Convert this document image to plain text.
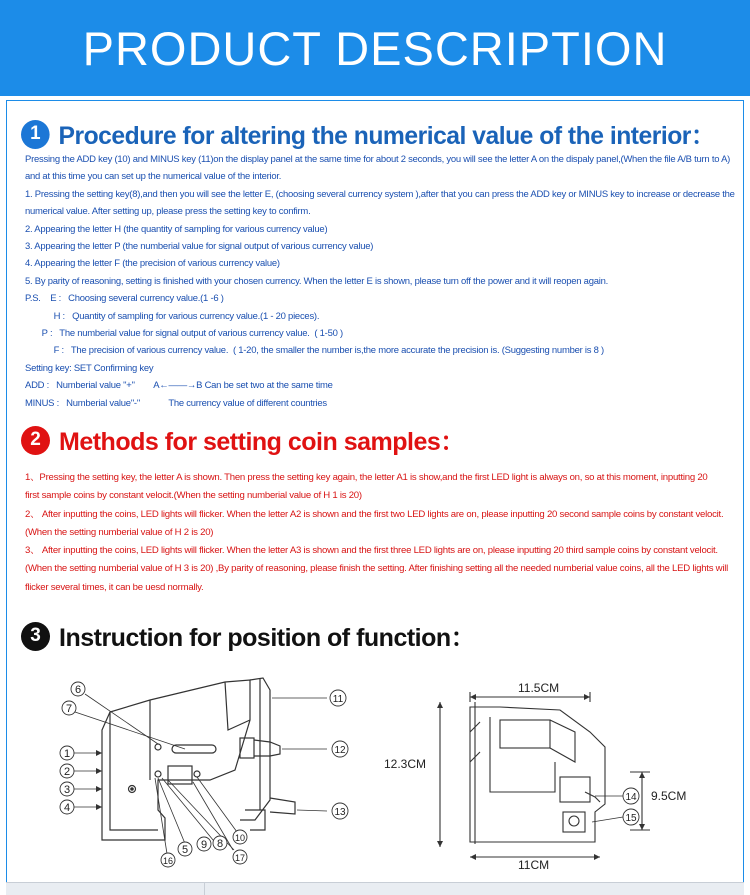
PRODUCT DESCRIPTION
1 Procedure for altering the numerical value of the interior：
Pressing the ADD key (10) and MINUS key (11)on the display panel at the same time for about 2 seconds, you will see the letter A on the dispaly panel,(When the file A/B turn to A)
and at this time you can set up the numerical value of the interior.
1. Pressing the setting key(8),and then you will see the letter E, (choosing several currency system ),after that you can press the ADD key or MINUS key to increase or decrease the
numerical value. After setting up, please press the setting key to confirm.
2. Appearing the letter H (the quantity of sampling for various currency value)
3. Appearing the letter P (the numberial value for signal output of various currency value)
4. Appearing the letter F (the precision of various currency value)
5. By parity of reasoning, setting is finished with your chosen currency. When the letter E is shown, please turn off the power and it will reopen again.
P.S.    E :   Choosing several currency value.(1 -6 )
H :   Quantity of sampling for various currency value.(1 - 20 pieces).
P :   The numberial value for signal output of various currency value.  ( 1-50 )
F :   The precision of various currency value.  ( 1-20, the smaller the number is,the more accurate the precision is. (Suggesting number is 8 )
Setting key: SET Confirming key
ADD :   Numberial value "+"        A←——→B Can be set two at the same time
MINUS :   Numberial value"-"            The currency value of different countries
2 Methods for setting coin samples：
1、Pressing the setting key, the letter A is shown. Then press the setting key again, the letter A1 is show,and the first LED light is always on, so at this moment, inputting 20
first sample coins by constant velocit.(When the setting numberial value of H 1 is 20)
2、 After inputting the coins, LED lights will flicker. When the letter A2 is shown and the first two LED lights are on, please inputting 20 second sample coins by constant velocit.
(When the setting numberial value of H 2 is 20)
3、 After inputting the coins, LED lights will flicker. When the letter A3 is shown and the first three LED lights are on, please inputting 20 third sample coins by constant velocit.
(When the setting numberial value of H 3 is 20) ,By parity of reasoning, please finish the setting. After finishing setting all the needed numberial value coins, all the LED lights will
flicker several times, it can be uesd normally.
3 Instruction for position of function：
1
2
3
4
5
6
7
8
9
10
11
12
13
16	17
14
15
11.5CM
12.3CM
9.5CM
11CM
